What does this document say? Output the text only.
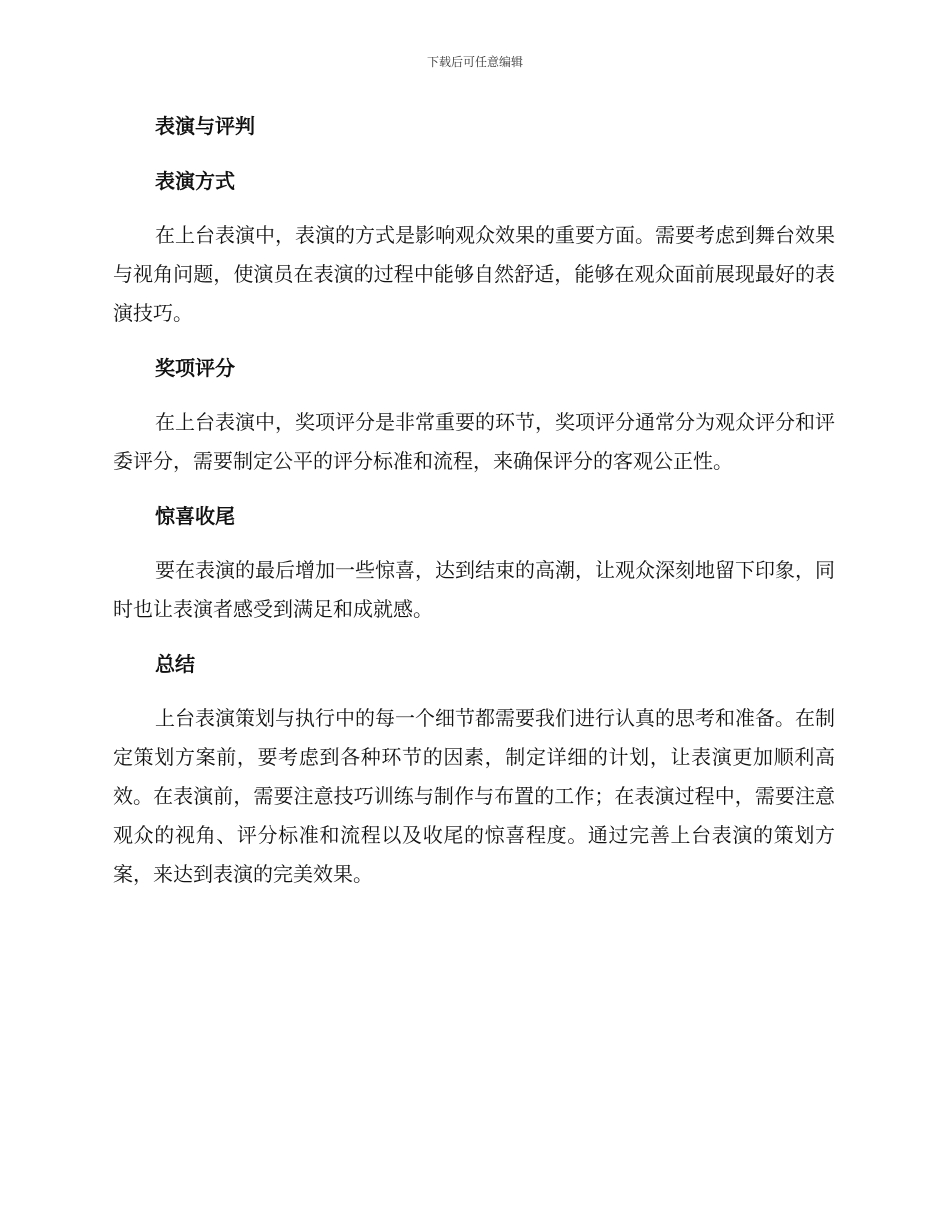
下载后可任意编辑
表演与评判
表演方式

在上台表演中，表演的方式是影响观众效果的重要方面。需要考虑到舞台效果与视角问题，使演员在表演的过程中能够自然舒适，能够在观众面前展现最好的表演技巧。

奖项评分

在上台表演中，奖项评分是非常重要的环节，奖项评分通常分为观众评分和评委评分，需要制定公平的评分标准和流程，来确保评分的客观公正性。

惊喜收尾

要在表演的最后增加一些惊喜，达到结束的高潮，让观众深刻地留下印象，同时也让表演者感受到满足和成就感。

总结

上台表演策划与执行中的每一个细节都需要我们进行认真的思考和准备。在制定策划方案前，要考虑到各种环节的因素，制定详细的计划，让表演更加顺利高效。在表演前，需要注意技巧训练与制作与布置的工作；在表演过程中，需要注意观众的视角、评分标准和流程以及收尾的惊喜程度。通过完善上台表演的策划方案，来达到表演的完美效果。
